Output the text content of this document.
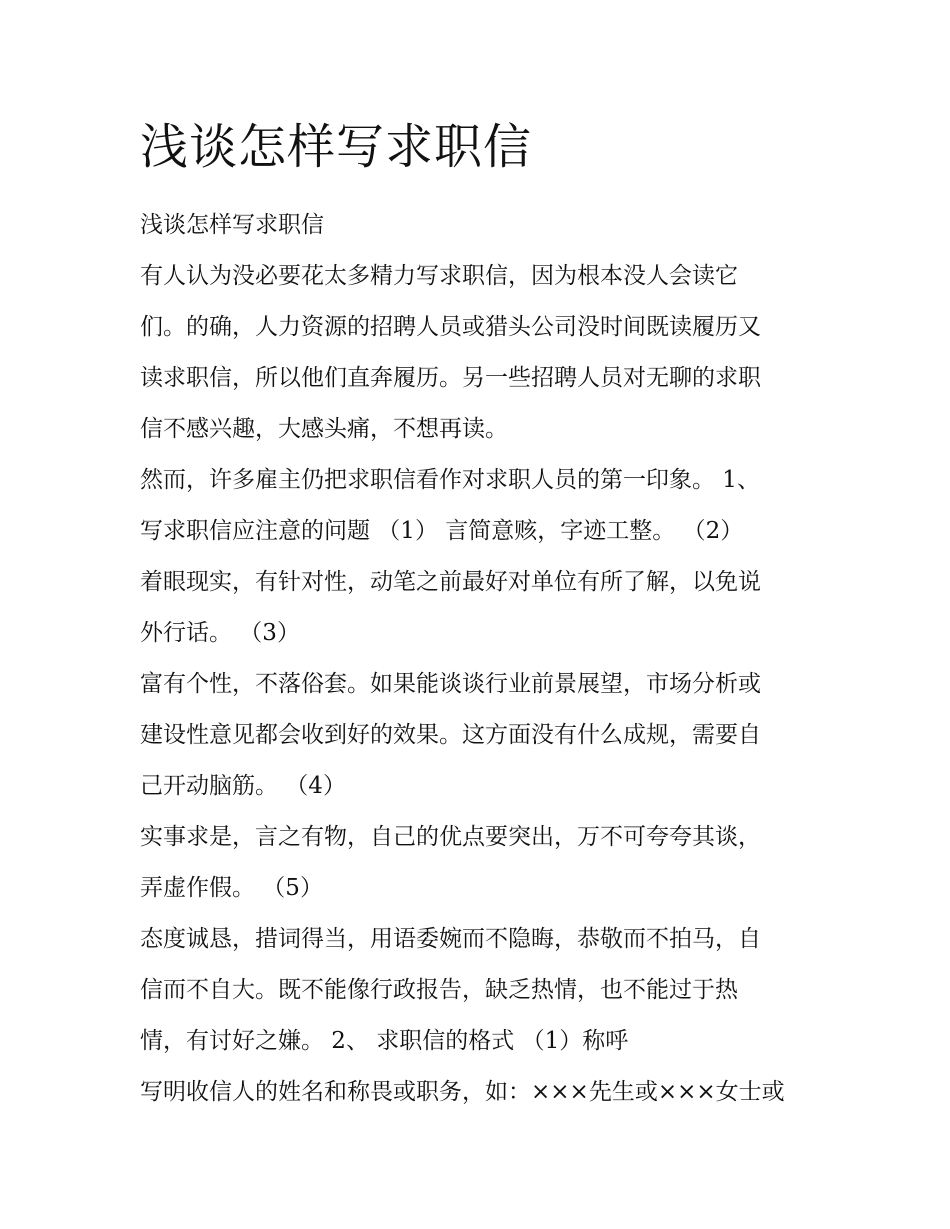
浅谈怎样写求职信
浅谈怎样写求职信
有人认为没必要花太多精力写求职信，因为根本没人会读它
们。的确，人力资源的招聘人员或猎头公司没时间既读履历又
读求职信，所以他们直奔履历。另一些招聘人员对无聊的求职
信不感兴趣，大感头痛，不想再读。
然而，许多雇主仍把求职信看作对求职人员的第一印象。 1、
写求职信应注意的问题 （1） 言简意赅，字迹工整。 （2）
着眼现实，有针对性，动笔之前最好对单位有所了解，以免说
外行话。 （3）
富有个性，不落俗套。如果能谈谈行业前景展望，市场分析或
建设性意见都会收到好的效果。这方面没有什么成规，需要自
己开动脑筋。 （4）
实事求是，言之有物，自己的优点要突出，万不可夸夸其谈，
弄虚作假。 （5）
态度诚恳，措词得当，用语委婉而不隐晦，恭敬而不拍马，自
信而不自大。既不能像行政报告，缺乏热情，也不能过于热
情，有讨好之嫌。 2、 求职信的格式 （1）称呼
写明收信人的姓名和称畏或职务，如：×××先生或×××女士或
